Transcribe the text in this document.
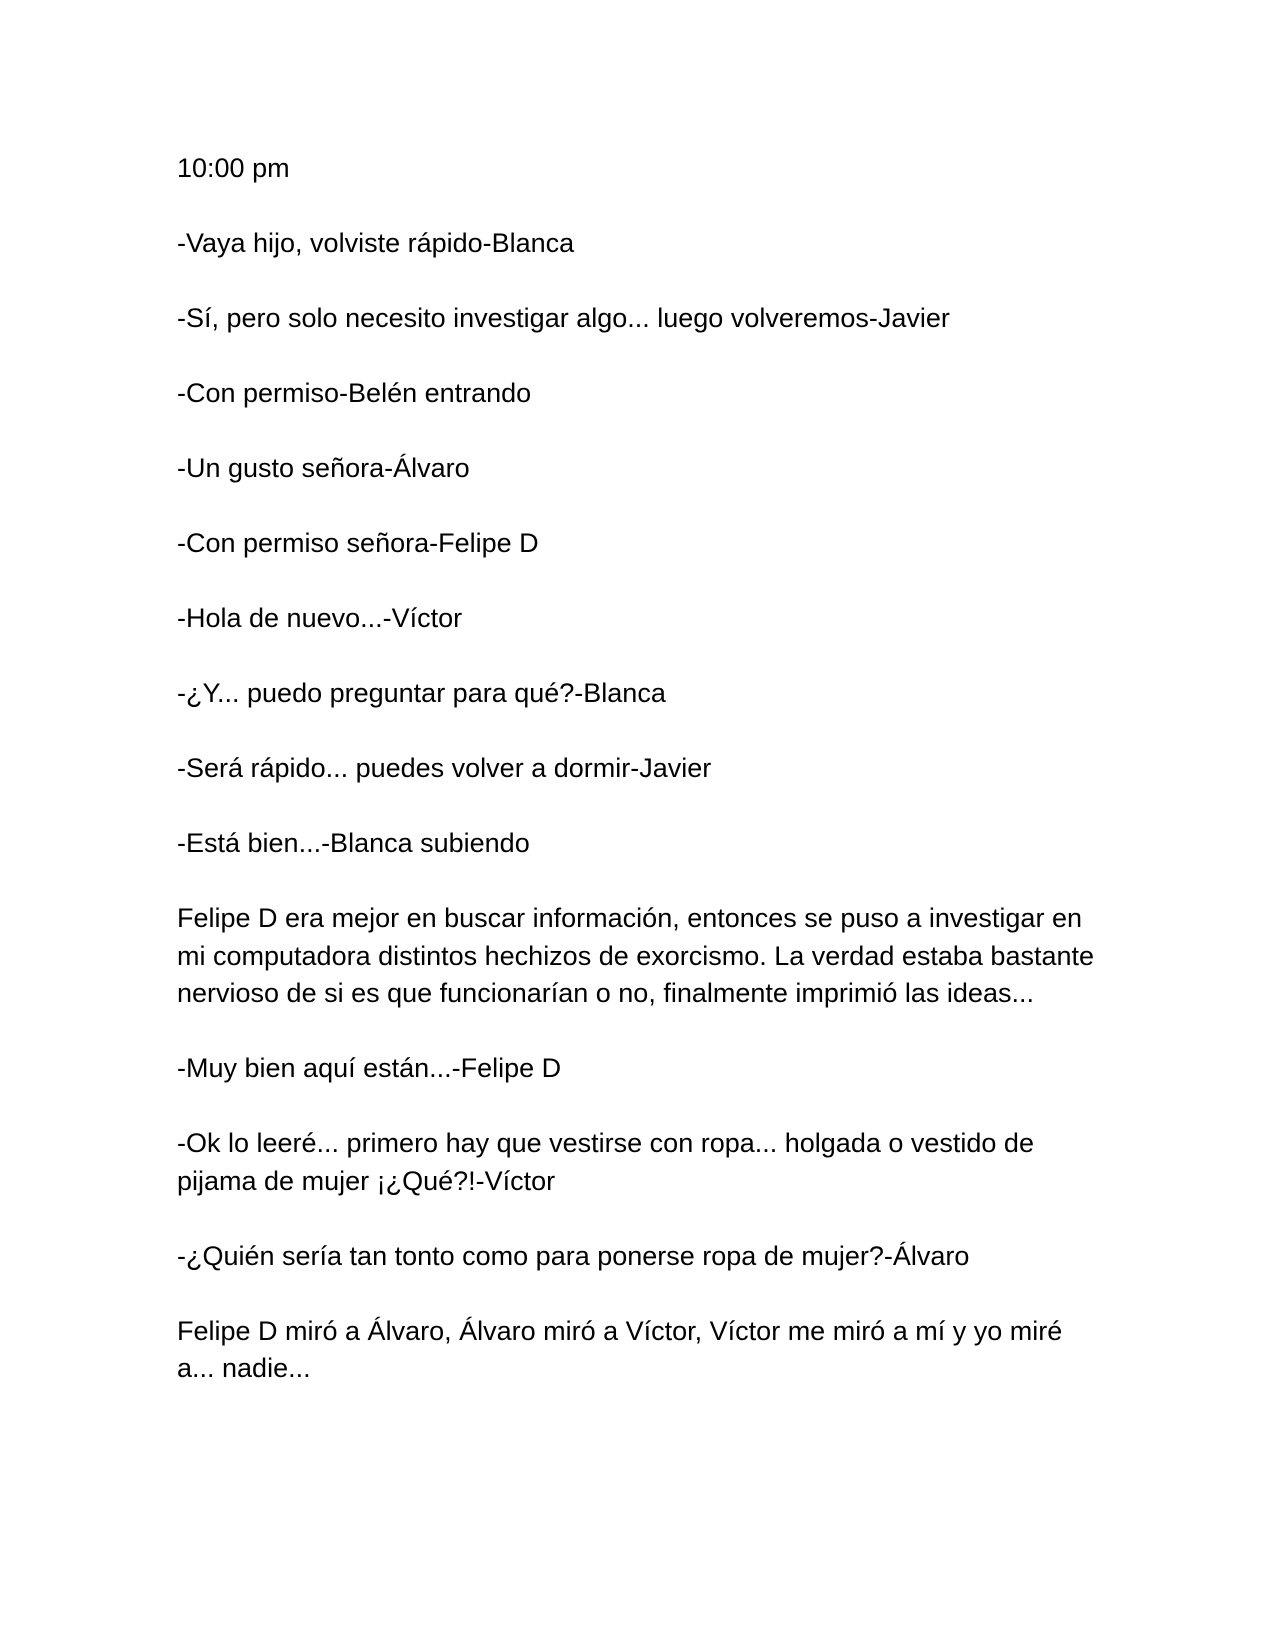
10:00 pm

-Vaya hijo, volviste rápido-Blanca

-Sí, pero solo necesito investigar algo... luego volveremos-Javier

-Con permiso-Belén entrando

-Un gusto señora-Álvaro

-Con permiso señora-Felipe D

-Hola de nuevo...-Víctor

-¿Y... puedo preguntar para qué?-Blanca

-Será rápido... puedes volver a dormir-Javier

-Está bien...-Blanca subiendo

Felipe D era mejor en buscar información, entonces se puso a investigar en mi computadora distintos hechizos de exorcismo. La verdad estaba bastante nervioso de si es que funcionarían o no, finalmente imprimió las ideas...

-Muy bien aquí están...-Felipe D

-Ok lo leeré... primero hay que vestirse con ropa... holgada o vestido de pijama de mujer ¡¿Qué?!-Víctor

-¿Quién sería tan tonto como para ponerse ropa de mujer?-Álvaro

Felipe D miró a Álvaro, Álvaro miró a Víctor, Víctor me miró a mí y yo miré a... nadie...
